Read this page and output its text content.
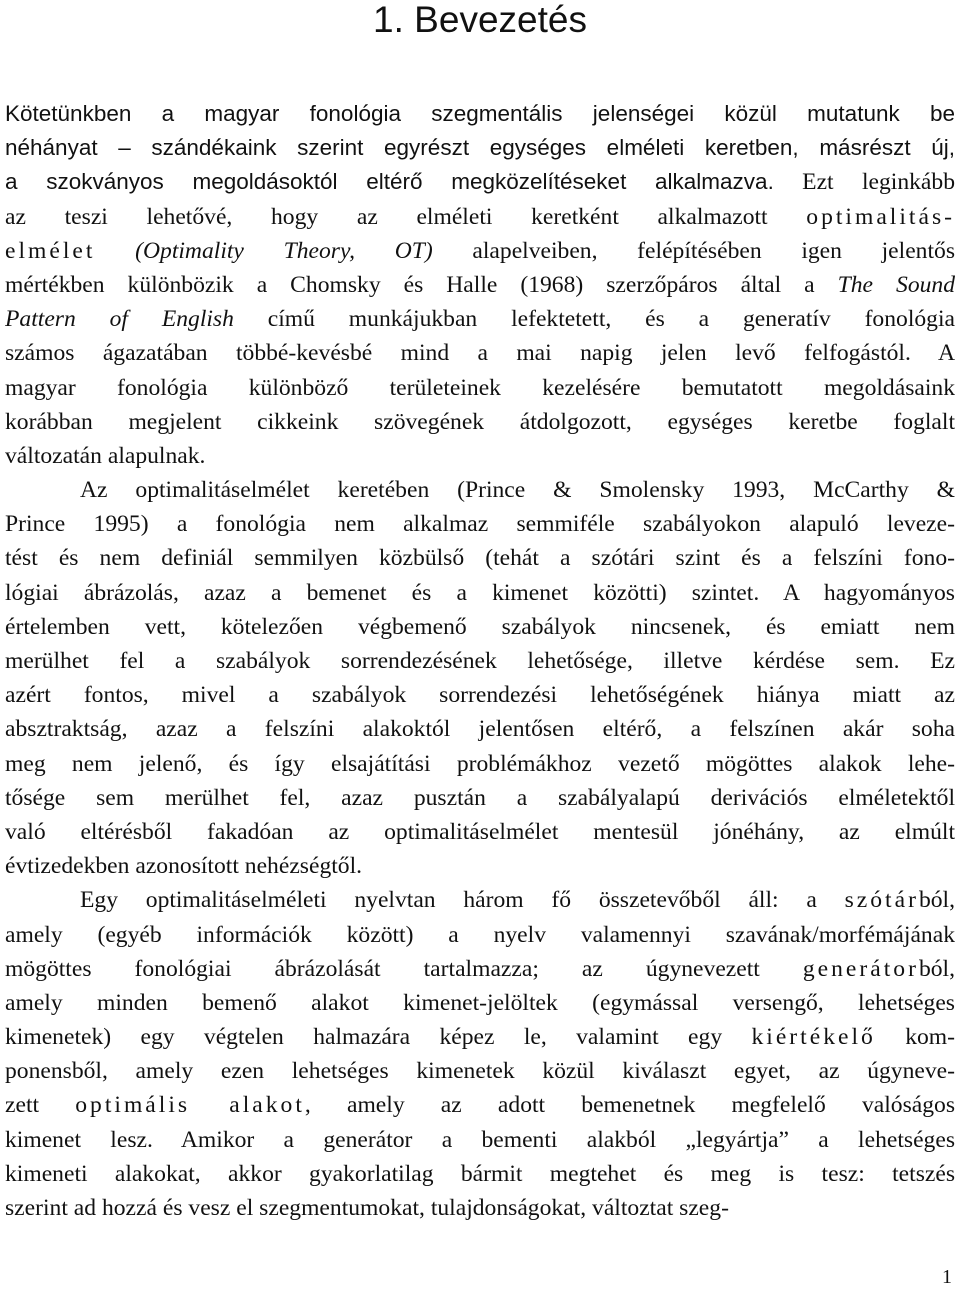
1. Bevezetés
Kötetünkben a magyar fonológia szegmentális jelenségei közül mutatunk be
néhányat – szándékaink szerint egyrészt egységes elméleti keretben, másrészt új,
a szokványos megoldásoktól eltérő megközelítéseket alkalmazva. Ezt leginkább
az teszi lehetővé, hogy az elméleti keretként alkalmazott optimalitás-
elmélet (Optimality Theory, OT) alapelveiben, felépítésében igen jelentős
mértékben különbözik a Chomsky és Halle (1968) szerzőpáros által a The Sound
Pattern of English című munkájukban lefektetett, és a generatív fonológia
számos ágazatában többé-kevésbé mind a mai napig jelen levő felfogástól. A
magyar fonológia különböző területeinek kezelésére bemutatott megoldásaink
korábban megjelent cikkeink szövegének átdolgozott, egységes keretbe foglalt
változatán alapulnak.
Az optimalitáselmélet keretében (Prince & Smolensky 1993, McCarthy &
Prince 1995) a fonológia nem alkalmaz semmiféle szabályokon alapuló leveze-
tést és nem definiál semmilyen közbülső (tehát a szótári szint és a felszíni fono-
lógiai ábrázolás, azaz a bemenet és a kimenet közötti) szintet. A hagyományos
értelemben vett, kötelezően végbemenő szabályok nincsenek, és emiatt nem
merülhet fel a szabályok sorrendezésének lehetősége, illetve kérdése sem. Ez
azért fontos, mivel a szabályok sorrendezési lehetőségének hiánya miatt az
absztraktság, azaz a felszíni alakoktól jelentősen eltérő, a felszínen akár soha
meg nem jelenő, és így elsajátítási problémákhoz vezető mögöttes alakok lehe-
tősége sem merülhet fel, azaz pusztán a szabályalapú derivációs elméletektől
való eltérésből fakadóan az optimalitáselmélet mentesül jónéhány, az elmúlt
évtizedekben azonosított nehézségtől.
Egy optimalitáselméleti nyelvtan három fő összetevőből áll: a szótárból,
amely (egyéb információk között) a nyelv valamennyi szavának/morfémájának
mögöttes fonológiai ábrázolását tartalmazza; az úgynevezett generátorból,
amely minden bemenő alakot kimenet-jelöltek (egymással versengő, lehetséges
kimenetek) egy végtelen halmazára képez le, valamint egy kiértékelő kom-
ponensből, amely ezen lehetséges kimenetek közül kiválaszt egyet, az úgyneve-
zett optimális alakot, amely az adott bemenetnek megfelelő valóságos
kimenet lesz. Amikor a generátor a bementi alakból „legyártja” a lehetséges
kimeneti alakokat, akkor gyakorlatilag bármit megtehet és meg is tesz: tetszés
szerint ad hozzá és vesz el szegmentumokat, tulajdonságokat, változtat szeg-
1
